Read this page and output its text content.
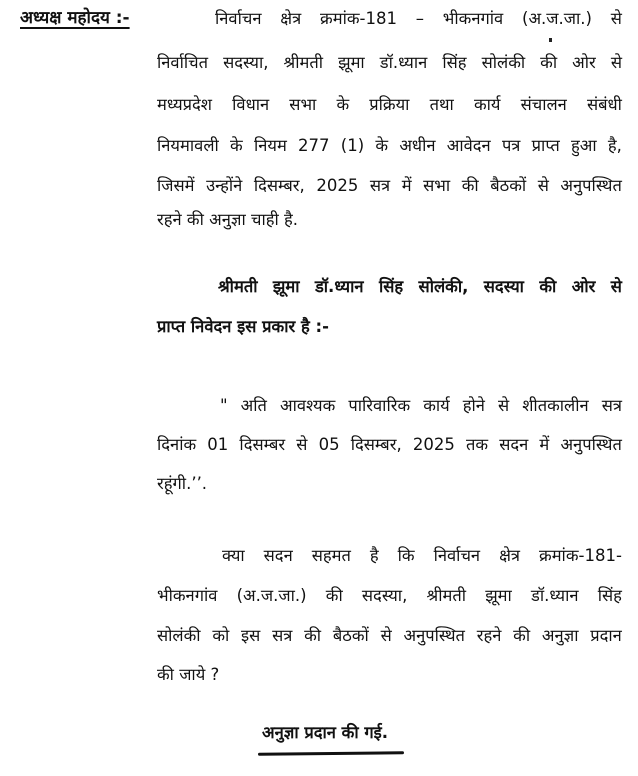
अध्यक्ष महोदय :-	निर्वाचन क्षेत्र क्रमांक-181 – भीकनगांव (अ.ज.जा.) से
निर्वाचित सदस्या, श्रीमती झूमा डॉ.ध्यान सिंह सोलंकी की ओर से
मध्यप्रदेश विधान सभा के प्रक्रिया तथा कार्य संचालन संबंधी
नियमावली के नियम 277 (1) के अधीन आवेदन पत्र प्राप्त हुआ है,
जिसमें उन्होंने दिसम्बर, 2025 सत्र में सभा की बैठकों से अनुपस्थित
रहने की अनुज्ञा चाही है.
श्रीमती झूमा डॉ.ध्यान सिंह सोलंकी, सदस्या की ओर से
प्राप्त निवेदन इस प्रकार है :-
" अति आवश्यक पारिवारिक कार्य होने से शीतकालीन सत्र
दिनांक 01 दिसम्बर से 05 दिसम्बर, 2025 तक सदन में अनुपस्थित
रहूंगी.’’.
क्या सदन सहमत है कि निर्वाचन क्षेत्र क्रमांक-181-
भीकनगांव (अ.ज.जा.) की सदस्या, श्रीमती झूमा डॉ.ध्यान सिंह
सोलंकी को इस सत्र की बैठकों से अनुपस्थित रहने की अनुज्ञा प्रदान
की जाये ?
अनुज्ञा प्रदान की गई.
